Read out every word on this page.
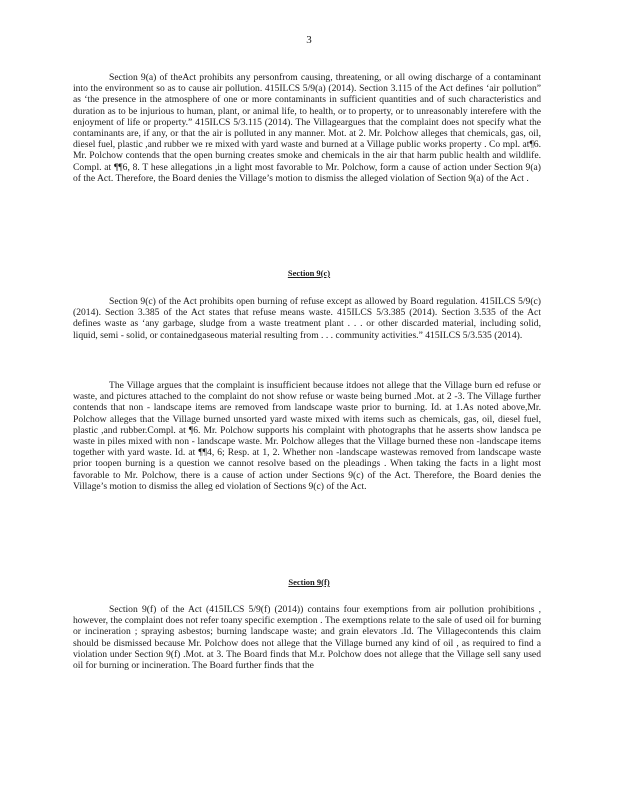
3

Section 9(a) of theAct prohibits any personfrom causing, threatening, or all owing discharge of a contaminant into the environment so as to cause air pollution. 415ILCS 5/9(a) (2014). Section 3.115 of the Act defines ‘air pollution” as ‘the presence in the atmosphere of one or more contaminants in sufficient quantities and of such characteristics and duration as to be injurious to human, plant, or animal life, to health, or to property, or to unreasonably interefere with the enjoyment of life or property.” 415ILCS 5/3.115 (2014). The Villageargues that the complaint does not specify what the contaminants are, if any, or that the air is polluted in any manner. Mot. at 2. Mr. Polchow alleges that chemicals, gas, oil, diesel fuel, plastic ,and rubber we re mixed with yard waste and burned at a Village public works property . Co mpl. at¶6. Mr. Polchow contends that the open burning creates smoke and chemicals in the air that harm public health and wildlife. Compl. at ¶¶6, 8. T hese allegations ,in a light most favorable to Mr. Polchow, form a cause of action under Section 9(a) of the Act. Therefore, the Board denies the Village’s motion to dismiss the alleged violation of Section 9(a) of the Act .

Section 9(c)

Section 9(c) of the Act prohibits open burning of refuse except as allowed by Board regulation. 415ILCS 5/9(c) (2014). Section 3.385 of the Act states that refuse means waste. 415ILCS 5/3.385 (2014). Section 3.535 of the Act defines waste as ‘any garbage, sludge from a waste treatment plant . . . or other discarded material, including solid, liquid, semi - solid, or containedgaseous material resulting from . . . community activities.” 415ILCS 5/3.535 (2014).

The Village argues that the complaint is insufficient because itdoes not allege that the Village burn ed refuse or waste, and pictures attached to the complaint do not show refuse or waste being burned .Mot. at 2 -3. The Village further contends that non - landscape items are removed from landscape waste prior to burning. Id. at 1.As noted above,Mr. Polchow alleges that the Village burned unsorted yard waste mixed with items such as chemicals, gas, oil, diesel fuel, plastic ,and rubber.Compl. at ¶6. Mr. Polchow supports his complaint with photographs that he asserts show landsca pe waste in piles mixed with non - landscape waste. Mr. Polchow alleges that the Village burned these non -landscape items together with yard waste. Id. at ¶¶4, 6; Resp. at 1, 2. Whether non -landscape wastewas removed from landscape waste prior toopen burning is a question we cannot resolve based on the pleadings . When taking the facts in a light most favorable to Mr. Polchow, there is a cause of action under Sections 9(c) of the Act. Therefore, the Board denies the Village’s motion to dismiss the alleg ed violation of Sections 9(c) of the Act.

Section 9(f)

Section 9(f) of the Act (415ILCS 5/9(f) (2014)) contains four exemptions from air pollution prohibitions , however, the complaint does not refer toany specific exemption . The exemptions relate to the sale of used oil for burning or incineration ; spraying asbestos; burning landscape waste; and grain elevators .Id. The Villagecontends this claim should be dismissed because Mr. Polchow does not allege that the Village burned any kind of oil , as required to find a violation under Section 9(f) .Mot. at 3. The Board finds that M.r. Polchow does not allege that the Village sell sany used oil for burning or incineration. The Board further finds that the
